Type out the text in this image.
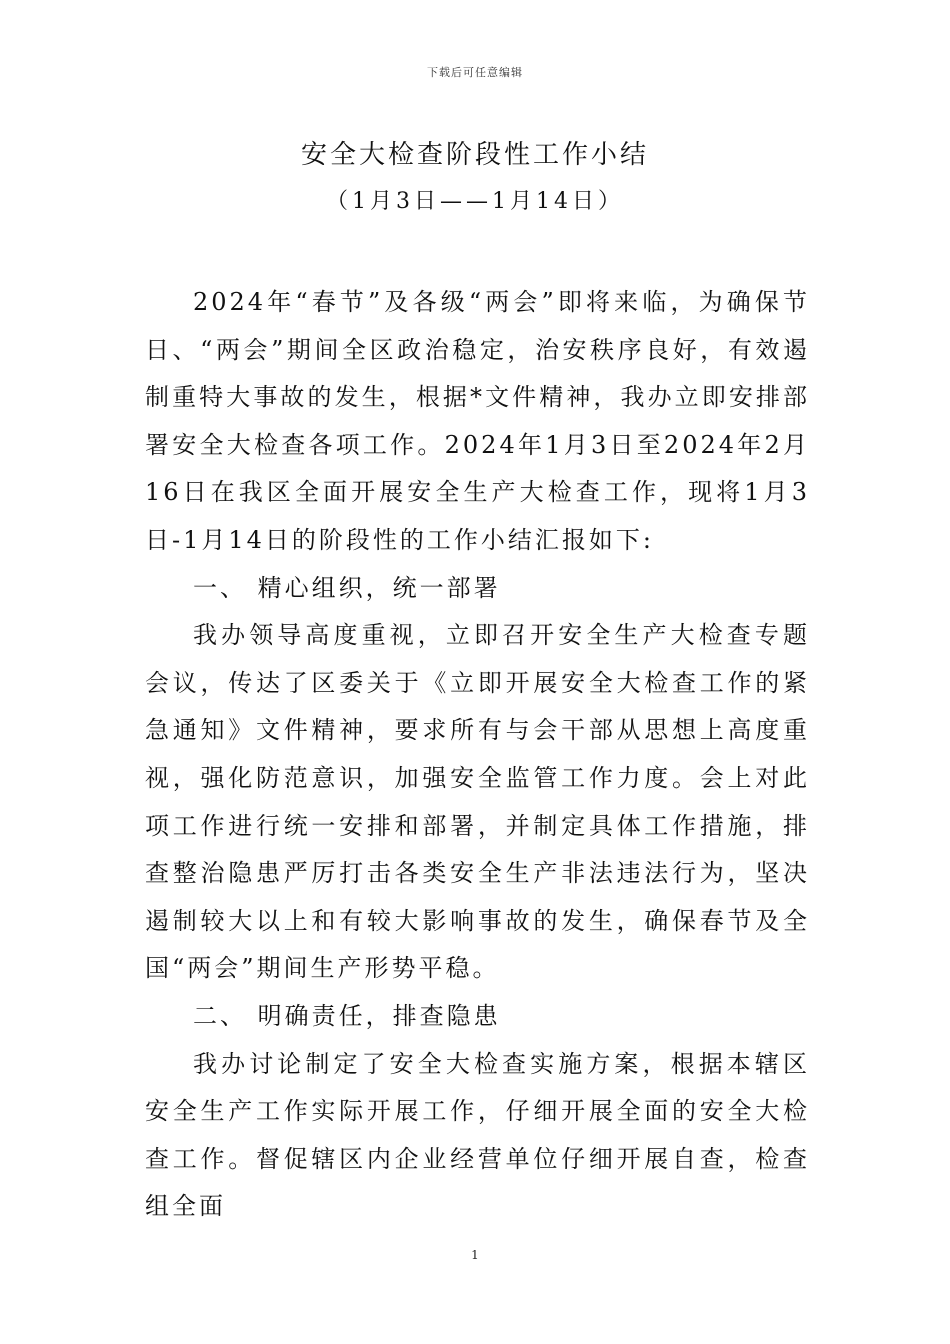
下载后可任意编辑
安全大检查阶段性工作小结
（1月3日——1月14日）

2024年“春节”及各级“两会”即将来临，为确保节日、“两会”期间全区政治稳定，治安秩序良好，有效遏制重特大事故的发生，根据*文件精神，我办立即安排部署安全大检查各项工作。2024年1月3日至2024年2月16日在我区全面开展安全生产大检查工作，现将1月3日-1月14日的阶段性的工作小结汇报如下:

一、 精心组织，统一部署

我办领导高度重视，立即召开安全生产大检查专题会议，传达了区委关于《立即开展安全大检查工作的紧急通知》文件精神，要求所有与会干部从思想上高度重视，强化防范意识，加强安全监管工作力度。会上对此项工作进行统一安排和部署，并制定具体工作措施，排查整治隐患严厉打击各类安全生产非法违法行为，坚决遏制较大以上和有较大影响事故的发生，确保春节及全国“两会”期间生产形势平稳。

二、 明确责任，排查隐患

我办讨论制定了安全大检查实施方案，根据本辖区安全生产工作实际开展工作，仔细开展全面的安全大检查工作。督促辖区内企业经营单位仔细开展自查，检查组全面

1
